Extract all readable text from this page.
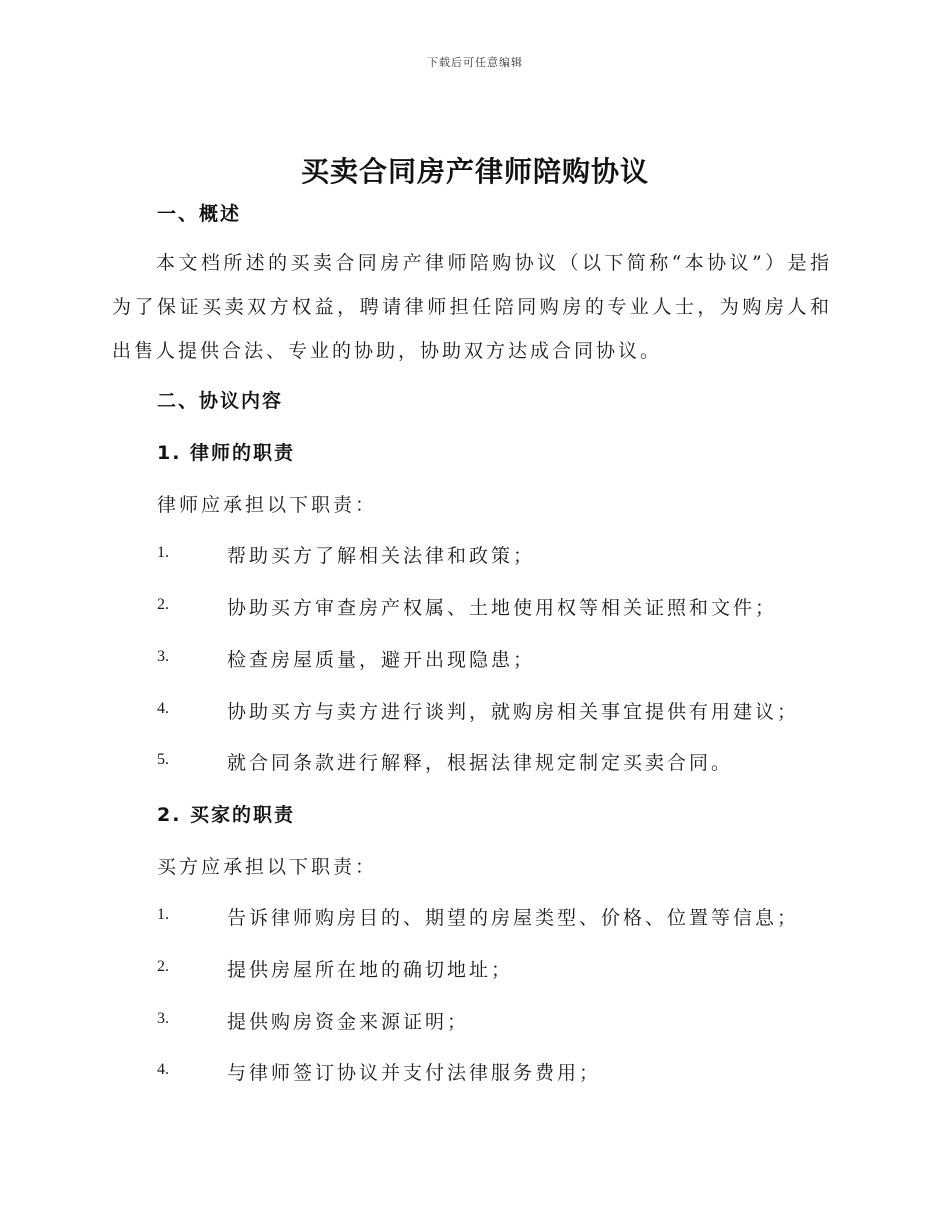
下载后可任意编辑
买卖合同房产律师陪购协议
一、概述
本文档所述的买卖合同房产律师陪购协议（以下简称“本协议”）是指为了保证买卖双方权益，聘请律师担任陪同购房的专业人士，为购房人和出售人提供合法、专业的协助，协助双方达成合同协议。
二、协议内容
1. 律师的职责
律师应承担以下职责：
1.	帮助买方了解相关法律和政策；
2.	协助买方审查房产权属、土地使用权等相关证照和文件；
3.	检查房屋质量，避开出现隐患；
4.	协助买方与卖方进行谈判，就购房相关事宜提供有用建议；
5.	就合同条款进行解释，根据法律规定制定买卖合同。
2. 买家的职责
买方应承担以下职责：
1.	告诉律师购房目的、期望的房屋类型、价格、位置等信息；
2.	提供房屋所在地的确切地址；
3.	提供购房资金来源证明；
4.	与律师签订协议并支付法律服务费用；
